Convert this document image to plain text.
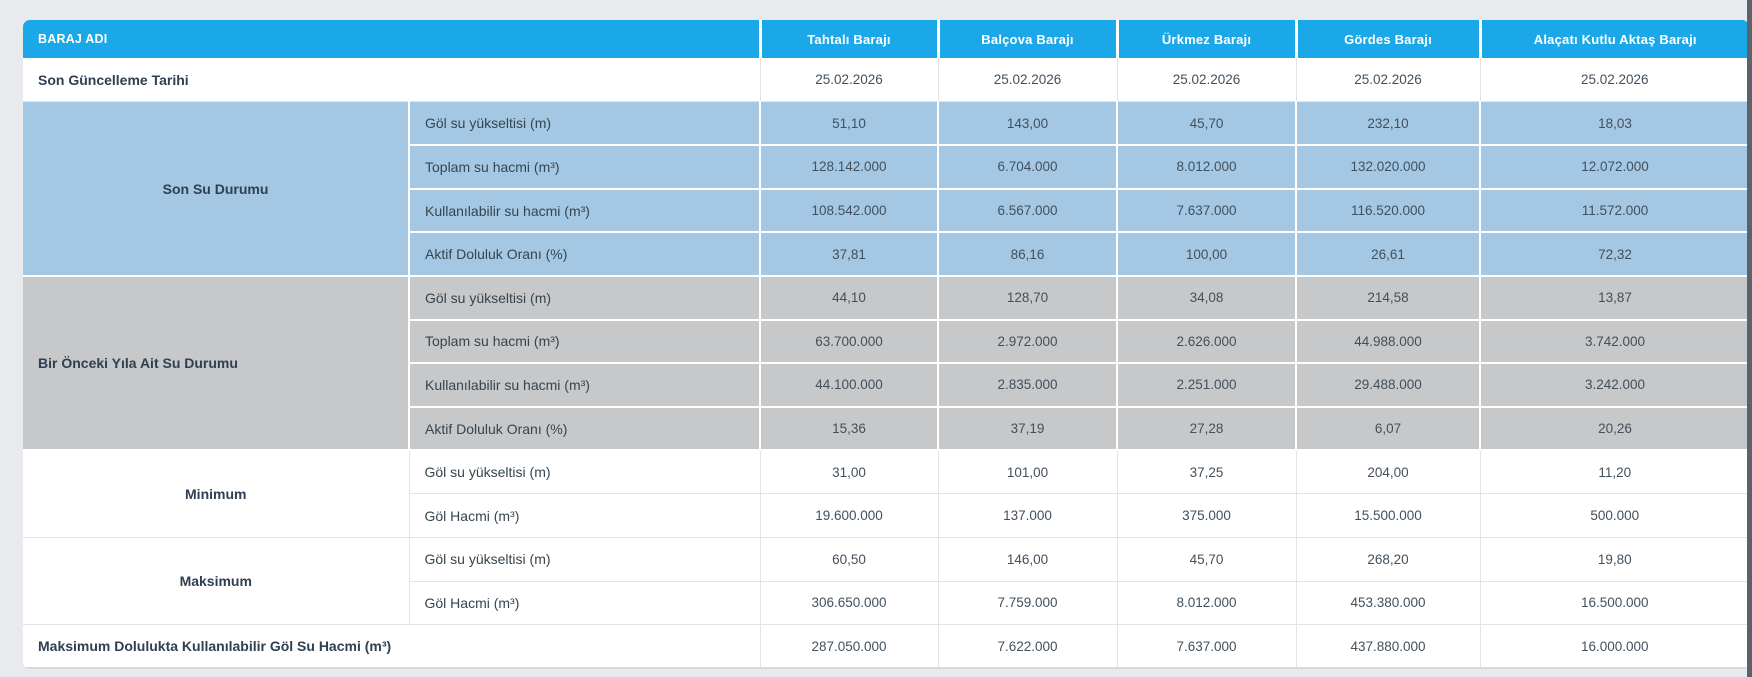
BARAJ ADI		Tahtalı Barajı	Balçova Barajı	Ürkmez Barajı	Gördes Barajı	Alaçatı Kutlu Aktaş Barajı
Son Güncelleme Tarihi		25.02.2026	25.02.2026	25.02.2026	25.02.2026	25.02.2026
Son Su Durumu	Göl su yükseltisi (m)	51,10	143,00	45,70	232,10	18,03
	Toplam su hacmi (m³)	128.142.000	6.704.000	8.012.000	132.020.000	12.072.000
	Kullanılabilir su hacmi (m³)	108.542.000	6.567.000	7.637.000	116.520.000	11.572.000
	Aktif Doluluk Oranı (%)	37,81	86,16	100,00	26,61	72,32
Bir Önceki Yıla Ait Su Durumu	Göl su yükseltisi (m)	44,10	128,70	34,08	214,58	13,87
	Toplam su hacmi (m³)	63.700.000	2.972.000	2.626.000	44.988.000	3.742.000
	Kullanılabilir su hacmi (m³)	44.100.000	2.835.000	2.251.000	29.488.000	3.242.000
	Aktif Doluluk Oranı (%)	15,36	37,19	27,28	6,07	20,26
Minimum	Göl su yükseltisi (m)	31,00	101,00	37,25	204,00	11,20
	Göl Hacmi (m³)	19.600.000	137.000	375.000	15.500.000	500.000
Maksimum	Göl su yükseltisi (m)	60,50	146,00	45,70	268,20	19,80
	Göl Hacmi (m³)	306.650.000	7.759.000	8.012.000	453.380.000	16.500.000
Maksimum Dolulukta Kullanılabilir Göl Su Hacmi (m³)		287.050.000	7.622.000	7.637.000	437.880.000	16.000.000
